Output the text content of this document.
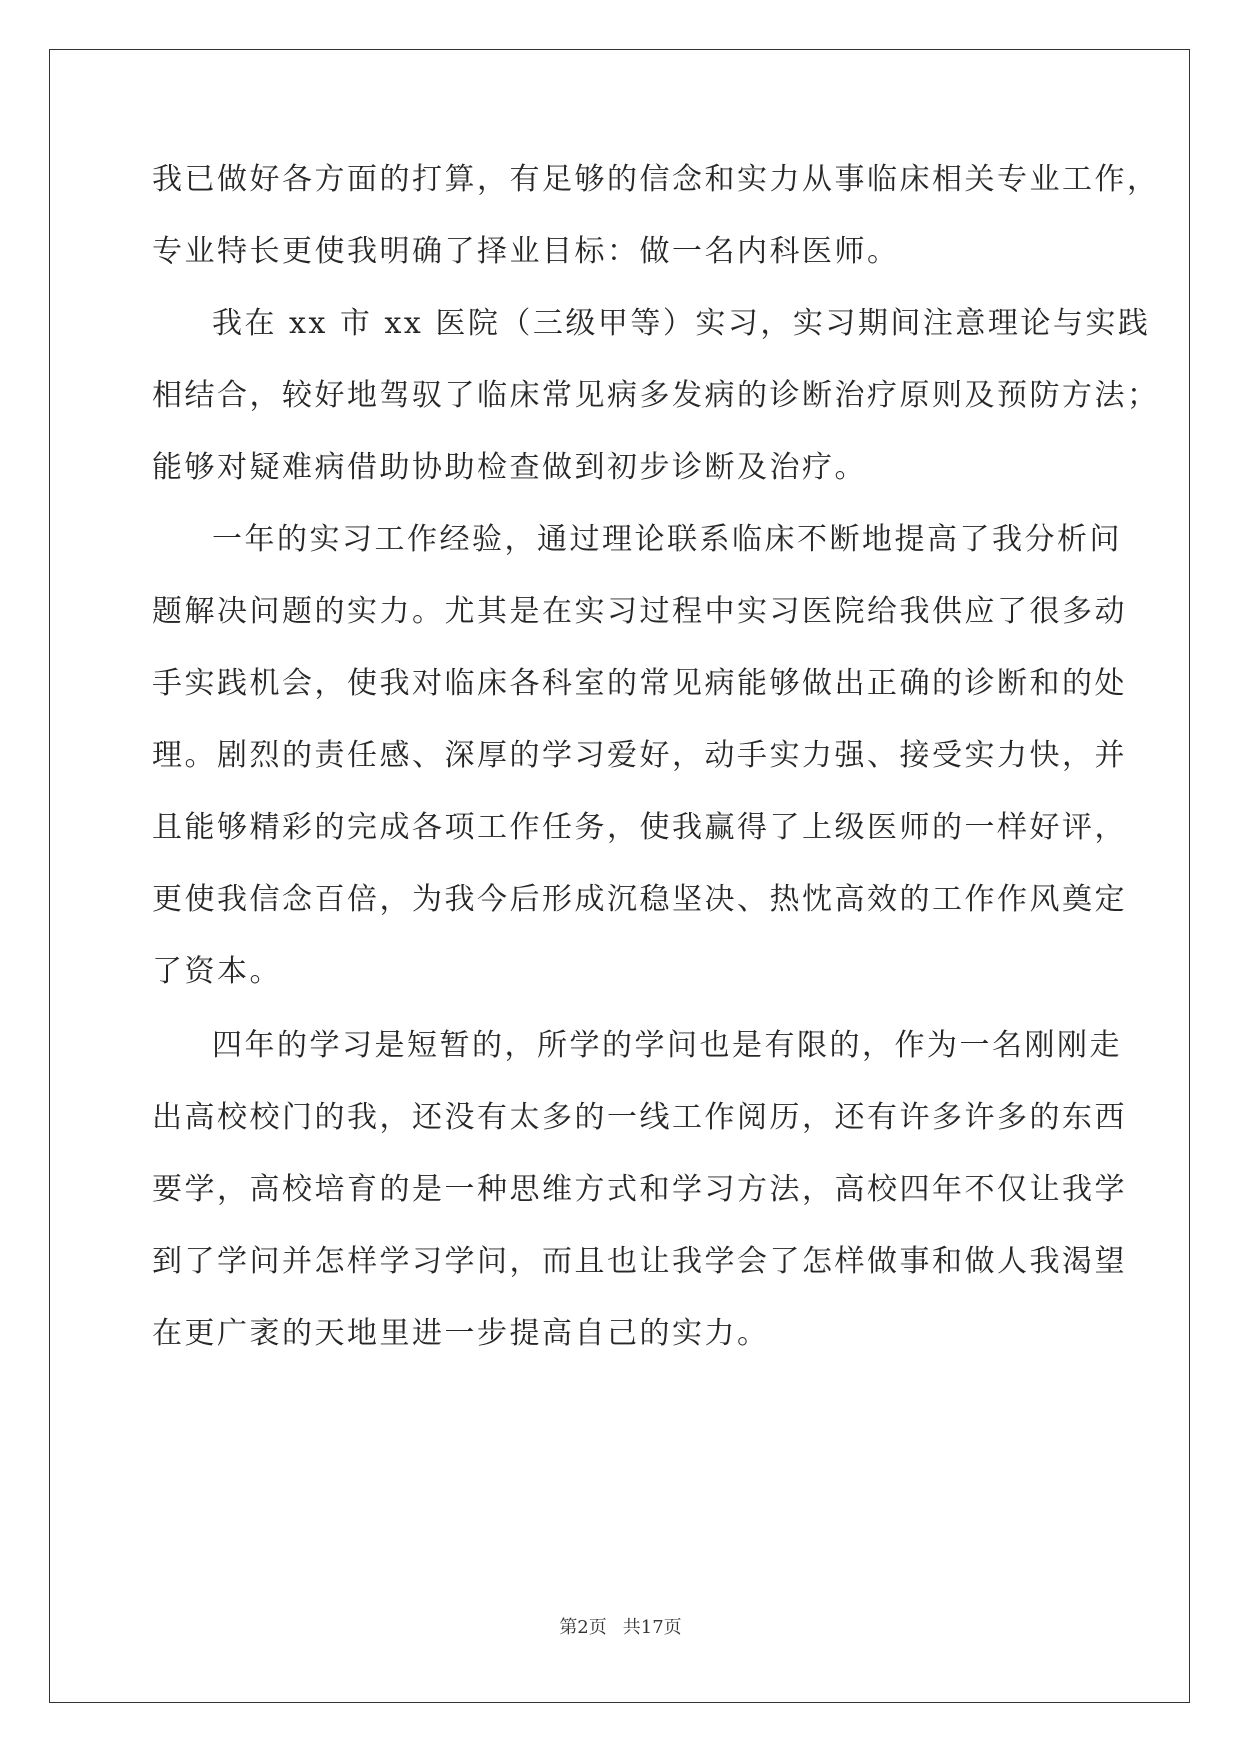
我已做好各方面的打算，有足够的信念和实力从事临床相关专业工作，
专业特长更使我明确了择业目标：做一名内科医师。
我在 xx 市 xx 医院（三级甲等）实习，实习期间注意理论与实践
相结合，较好地驾驭了临床常见病多发病的诊断治疗原则及预防方法；
能够对疑难病借助协助检查做到初步诊断及治疗。
一年的实习工作经验，通过理论联系临床不断地提高了我分析问
题解决问题的实力。尤其是在实习过程中实习医院给我供应了很多动
手实践机会，使我对临床各科室的常见病能够做出正确的诊断和的处
理。剧烈的责任感、深厚的学习爱好，动手实力强、接受实力快，并
且能够精彩的完成各项工作任务，使我赢得了上级医师的一样好评，
更使我信念百倍，为我今后形成沉稳坚决、热忱高效的工作作风奠定
了资本。
四年的学习是短暂的，所学的学问也是有限的，作为一名刚刚走
出高校校门的我，还没有太多的一线工作阅历，还有许多许多的东西
要学，高校培育的是一种思维方式和学习方法，高校四年不仅让我学
到了学问并怎样学习学问，而且也让我学会了怎样做事和做人我渴望
在更广袤的天地里进一步提高自己的实力。
第2页 共17页
